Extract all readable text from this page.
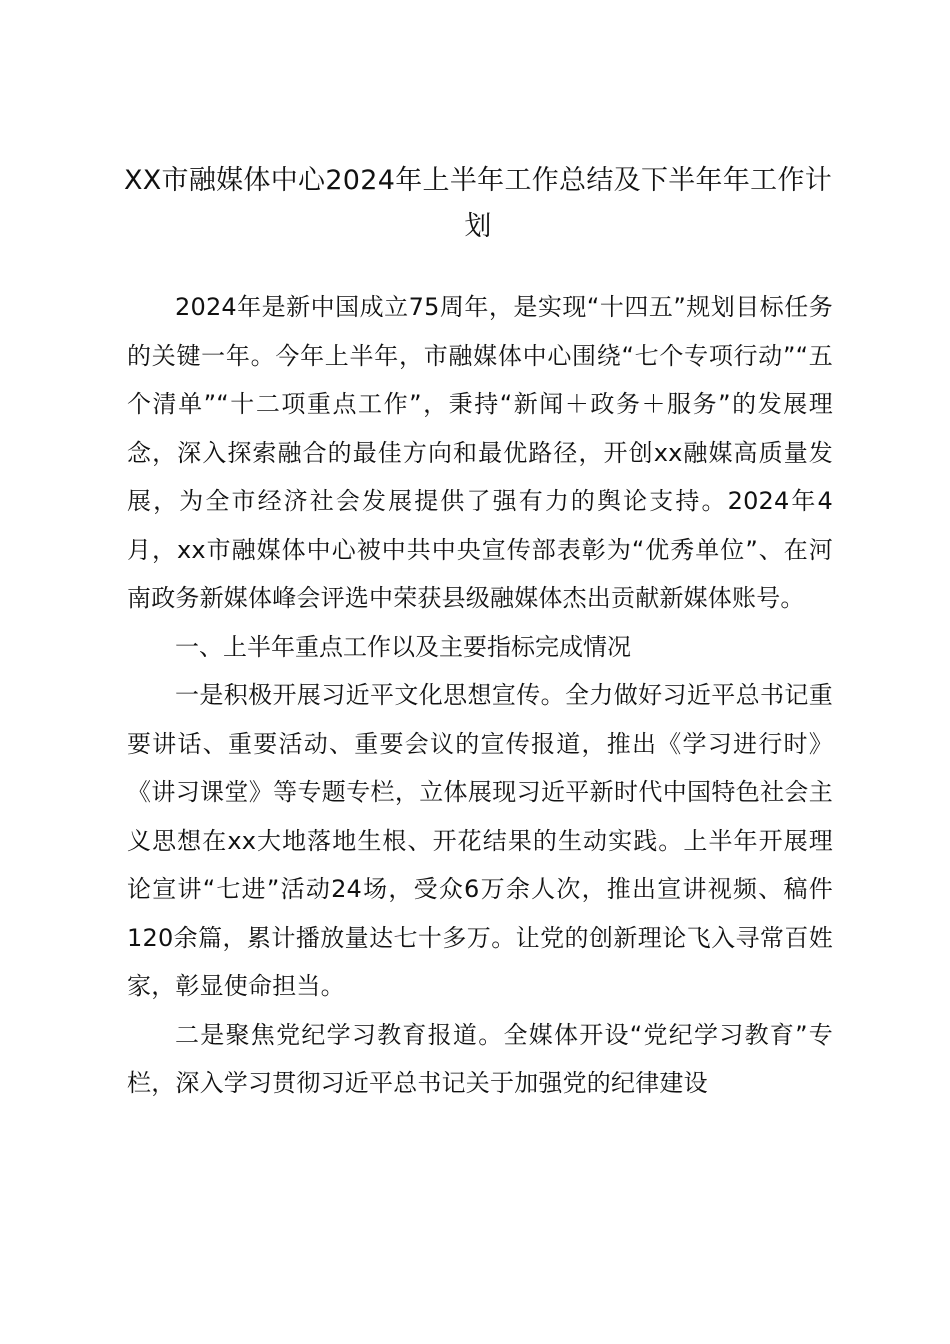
XX市融媒体中心2024年上半年工作总结及下半年年工作计划

2024年是新中国成立75周年，是实现“十四五”规划目标任务的关键一年。今年上半年，市融媒体中心围绕“七个专项行动”“五个清单”“十二项重点工作”，秉持“新闻＋政务＋服务”的发展理念，深入探索融合的最佳方向和最优路径，开创xx融媒高质量发展，为全市经济社会发展提供了强有力的舆论支持。2024年4月，xx市融媒体中心被中共中央宣传部表彰为“优秀单位”、在河南政务新媒体峰会评选中荣获县级融媒体杰出贡献新媒体账号。

一、上半年重点工作以及主要指标完成情况

一是积极开展习近平文化思想宣传。全力做好习近平总书记重要讲话、重要活动、重要会议的宣传报道，推出《学习进行时》《讲习课堂》等专题专栏，立体展现习近平新时代中国特色社会主义思想在xx大地落地生根、开花结果的生动实践。上半年开展理论宣讲“七进”活动24场，受众6万余人次，推出宣讲视频、稿件120余篇，累计播放量达七十多万。让党的创新理论飞入寻常百姓家，彰显使命担当。

二是聚焦党纪学习教育报道。全媒体开设“党纪学习教育”专栏，深入学习贯彻习近平总书记关于加强党的纪律建设
